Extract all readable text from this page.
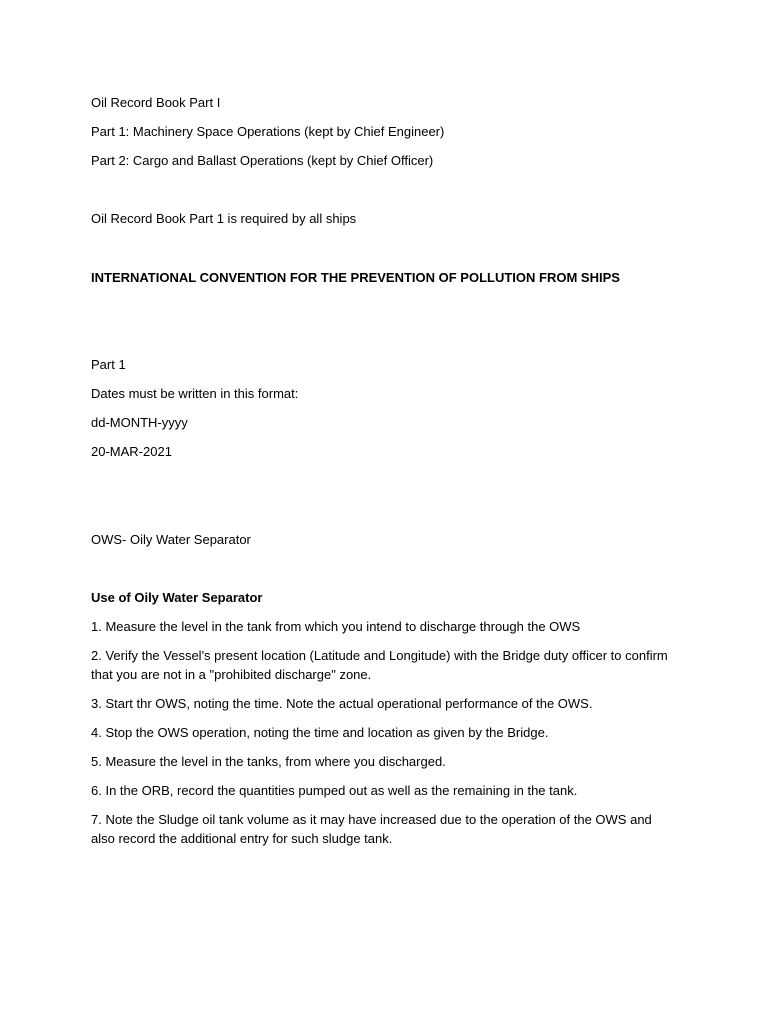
Oil Record Book Part I
Part 1: Machinery Space Operations (kept by Chief Engineer)
Part 2: Cargo and Ballast Operations (kept by Chief Officer)
Oil Record Book Part 1 is required by all ships
INTERNATIONAL CONVENTION FOR THE PREVENTION OF POLLUTION FROM SHIPS
Part 1
Dates must be written in this format:
dd-MONTH-yyyy
20-MAR-2021
OWS- Oily Water Separator
Use of Oily Water Separator
1. Measure the level in the tank from which you intend to discharge through the OWS
2. Verify the Vessel's present location (Latitude and Longitude) with the Bridge duty officer to confirm that you are not in a "prohibited discharge" zone.
3. Start thr OWS, noting the time. Note the actual operational performance of the OWS.
4. Stop the OWS operation, noting the time and location as given by the Bridge.
5. Measure the level in the tanks, from where you discharged.
6. In the ORB, record the quantities pumped out as well as the remaining in the tank.
7. Note the Sludge oil tank volume as it may have increased due to the operation of the OWS and also record the additional entry for such sludge tank.
